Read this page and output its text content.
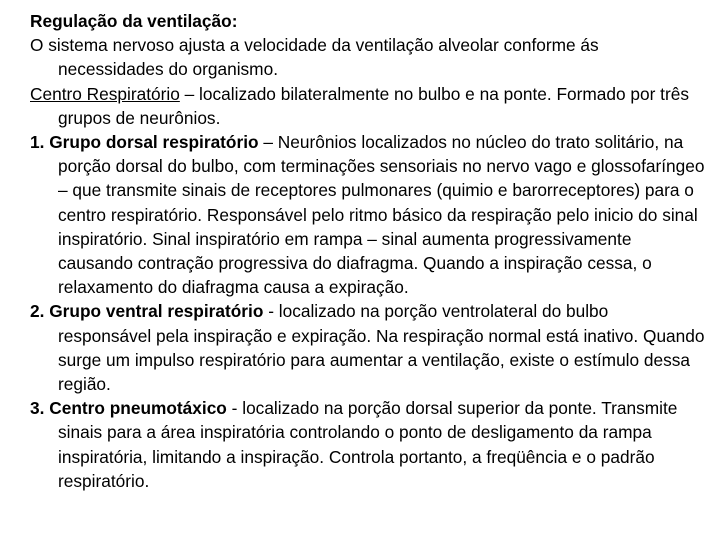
Regulação da ventilação:

O sistema nervoso ajusta a velocidade da ventilação alveolar conforme ás necessidades do organismo.

Centro Respiratório – localizado bilateralmente no bulbo e na ponte. Formado por três grupos de neurônios.

1. Grupo dorsal respiratório – Neurônios localizados no núcleo do trato solitário, na porção dorsal do bulbo, com terminações sensoriais no nervo vago e glossofaríngeo – que transmite sinais de receptores pulmonares (quimio e barorreceptores) para o centro respiratório. Responsável pelo ritmo básico da respiração pelo inicio do sinal inspiratório. Sinal inspiratório em rampa – sinal aumenta progressivamente causando contração progressiva do diafragma. Quando a inspiração cessa, o relaxamento do diafragma causa a expiração.

2. Grupo ventral respiratório - localizado na porção ventrolateral do bulbo responsável pela inspiração e expiração. Na respiração normal está inativo. Quando surge um impulso respiratório para aumentar a ventilação, existe o estímulo dessa região.

3. Centro pneumotáxico - localizado na porção dorsal superior da ponte. Transmite sinais para a área inspiratória controlando o ponto de desligamento da rampa inspiratória, limitando a inspiração. Controla portanto, a freqüência e o padrão respiratório.
